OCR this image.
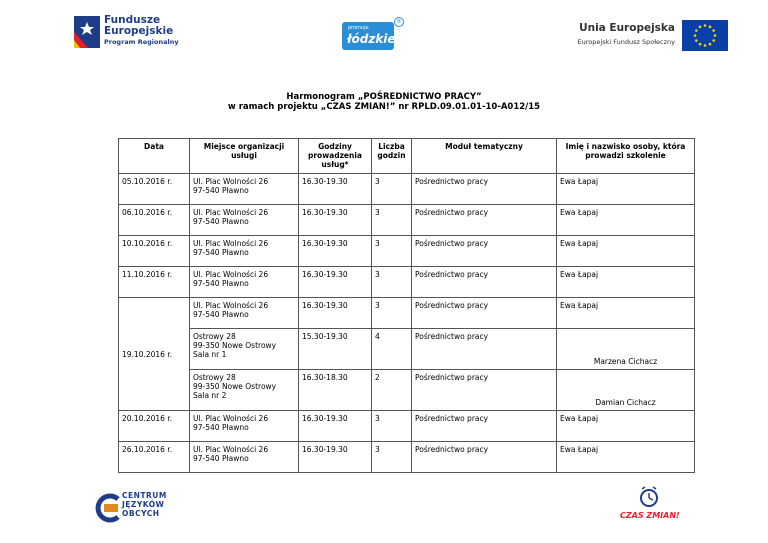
Fundusze
Europejskie
Program Regionalny
promuje
łódzkie
®	Unia Europejska
Europejski Fundusz Społeczny
Harmonogram „POŚREDNICTWO PRACY”
w ramach projektu „CZAS ZMIAN!” nr RPLD.09.01.01-10-A012/15
Data	Miejsce organizacji usługi	Godziny prowadzenia usług*	Liczba godzin	Moduł tematyczny	Imię i nazwisko osoby, która prowadzi szkolenie
05.10.2016 r.	Ul. Plac Wolności 26
97-540 Pławno	16.30-19.30	3	Pośrednictwo pracy	Ewa Łapaj
06.10.2016 r.	Ul. Plac Wolności 26
97-540 Pławno	16.30-19.30	3	Pośrednictwo pracy	Ewa Łapaj
10.10.2016 r.	Ul. Plac Wolności 26
97-540 Pławno	16.30-19.30	3	Pośrednictwo pracy	Ewa Łapaj
11.10.2016 r.	Ul. Plac Wolności 26
97-540 Pławno	16.30-19.30	3	Pośrednictwo pracy	Ewa Łapaj
19.10.2016 r.	Ul. Plac Wolności 26
97-540 Pławno	16.30-19.30	3	Pośrednictwo pracy	Ewa Łapaj
	Ostrowy 28
99-350 Nowe Ostrowy
Sala nr 1	15.30-19.30	4	Pośrednictwo pracy	Marzena Cichacz
	Ostrowy 28
99-350 Nowe Ostrowy
Sala nr 2	16.30-18.30	2	Pośrednictwo pracy	Damian Cichacz
20.10.2016 r.	Ul. Plac Wolności 26
97-540 Pławno	16.30-19.30	3	Pośrednictwo pracy	Ewa Łapaj
26.10.2016 r.	Ul. Plac Wolności 26
97-540 Pławno	16.30-19.30	3	Pośrednictwo pracy	Ewa Łapaj
CENTRUM
JĘZYKÓW
OBCYCH	CZAS ZMIAN!
